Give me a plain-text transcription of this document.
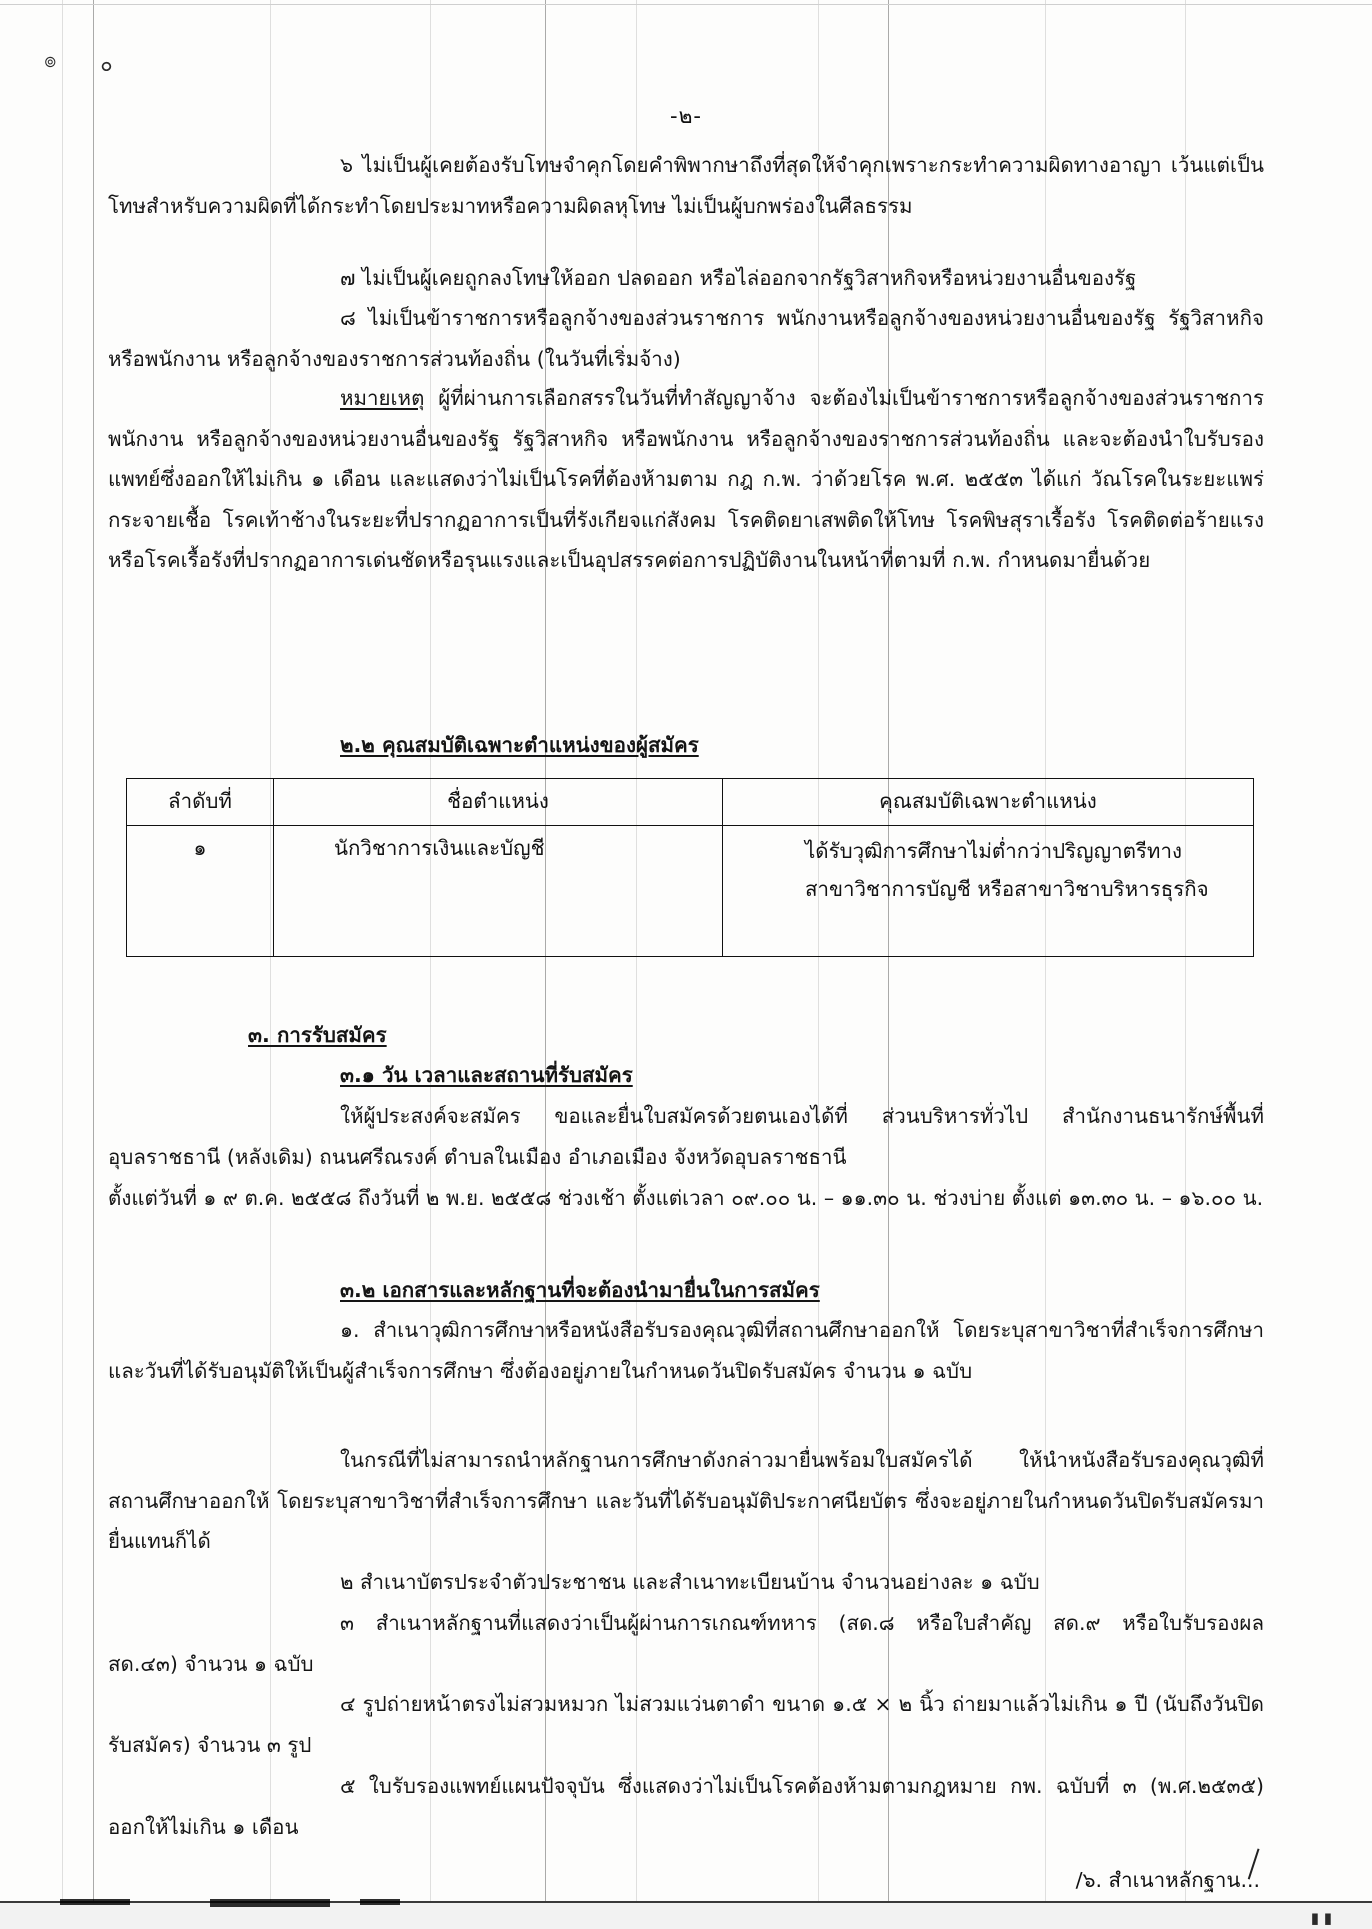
๏ ๐
-๒-

๖ ไม่เป็นผู้เคยต้องรับโทษจำคุกโดยคำพิพากษาถึงที่สุดให้จำคุกเพราะกระทำความผิดทางอาญา เว้นแต่เป็นโทษสำหรับความผิดที่ได้กระทำโดยประมาทหรือความผิดลหุโทษ ไม่เป็นผู้บกพร่องในศีลธรรม

๗ ไม่เป็นผู้เคยถูกลงโทษให้ออก ปลดออก หรือไล่ออกจากรัฐวิสาหกิจหรือหน่วยงานอื่นของรัฐ

๘ ไม่เป็นข้าราชการหรือลูกจ้างของส่วนราชการ พนักงานหรือลูกจ้างของหน่วยงานอื่นของรัฐ รัฐวิสาหกิจ หรือพนักงาน หรือลูกจ้างของราชการส่วนท้องถิ่น (ในวันที่เริ่มจ้าง)

หมายเหตุ ผู้ที่ผ่านการเลือกสรรในวันที่ทำสัญญาจ้าง จะต้องไม่เป็นข้าราชการหรือลูกจ้างของส่วนราชการ พนักงาน หรือลูกจ้างของหน่วยงานอื่นของรัฐ รัฐวิสาหกิจ หรือพนักงาน หรือลูกจ้างของราชการส่วนท้องถิ่น และจะต้องนำใบรับรองแพทย์ซึ่งออกให้ไม่เกิน ๑ เดือน และแสดงว่าไม่เป็นโรคที่ต้องห้ามตาม กฎ ก.พ. ว่าด้วยโรค พ.ศ. ๒๕๕๓ ได้แก่ วัณโรคในระยะแพร่กระจายเชื้อ โรคเท้าช้างในระยะที่ปรากฏอาการเป็นที่รังเกียจแก่สังคม โรคติดยาเสพติดให้โทษ โรคพิษสุราเรื้อรัง โรคติดต่อร้ายแรงหรือโรคเรื้อรังที่ปรากฏอาการเด่นชัดหรือรุนแรงและเป็นอุปสรรคต่อการปฏิบัติงานในหน้าที่ตามที่ ก.พ. กำหนดมายื่นด้วย

๒.๒ คุณสมบัติเฉพาะตำแหน่งของผู้สมัคร

ลำดับที่	ชื่อตำแหน่ง	คุณสมบัติเฉพาะตำแหน่ง
๑	นักวิชาการเงินและบัญชี	ได้รับวุฒิการศึกษาไม่ต่ำกว่าปริญญาตรีทาง
สาขาวิชาการบัญชี หรือสาขาวิชาบริหารธุรกิจ

๓. การรับสมัคร

๓.๑ วัน เวลาและสถานที่รับสมัคร

ให้ผู้ประสงค์จะสมัคร ขอและยื่นใบสมัครด้วยตนเองได้ที่ ส่วนบริหารทั่วไป สำนักงานธนารักษ์พื้นที่อุบลราชธานี (หลังเดิม) ถนนศรีณรงค์ ตำบลในเมือง อำเภอเมือง จังหวัดอุบลราชธานี

ตั้งแต่วันที่ ๑ ๙ ต.ค. ๒๕๕๘ ถึงวันที่ ๒ พ.ย. ๒๕๕๘ ช่วงเช้า ตั้งแต่เวลา ๐๙.๐๐ น. – ๑๑.๓๐ น. ช่วงบ่าย ตั้งแต่ ๑๓.๓๐ น. – ๑๖.๐๐ น.

๓.๒ เอกสารและหลักฐานที่จะต้องนำมายื่นในการสมัคร

๑. สำเนาวุฒิการศึกษาหรือหนังสือรับรองคุณวุฒิที่สถานศึกษาออกให้ โดยระบุสาขาวิชาที่สำเร็จการศึกษาและวันที่ได้รับอนุมัติให้เป็นผู้สำเร็จการศึกษา ซึ่งต้องอยู่ภายในกำหนดวันปิดรับสมัคร จำนวน ๑ ฉบับ

ในกรณีที่ไม่สามารถนำหลักฐานการศึกษาดังกล่าวมายื่นพร้อมใบสมัครได้ ให้นำหนังสือรับรองคุณวุฒิที่สถานศึกษาออกให้ โดยระบุสาขาวิชาที่สำเร็จการศึกษา และวันที่ได้รับอนุมัติประกาศนียบัตร ซึ่งจะอยู่ภายในกำหนดวันปิดรับสมัครมายื่นแทนก็ได้

๒ สำเนาบัตรประจำตัวประชาชน และสำเนาทะเบียนบ้าน จำนวนอย่างละ ๑ ฉบับ

๓ สำเนาหลักฐานที่แสดงว่าเป็นผู้ผ่านการเกณฑ์ทหาร (สด.๘ หรือใบสำคัญ สด.๙ หรือใบรับรองผล สด.๔๓) จำนวน ๑ ฉบับ

๔ รูปถ่ายหน้าตรงไม่สวมหมวก ไม่สวมแว่นตาดำ ขนาด ๑.๕ × ๒ นิ้ว ถ่ายมาแล้วไม่เกิน ๑ ปี (นับถึงวันปิดรับสมัคร) จำนวน ๓ รูป

๕ ใบรับรองแพทย์แผนปัจจุบัน ซึ่งแสดงว่าไม่เป็นโรคต้องห้ามตามกฎหมาย กพ. ฉบับที่ ๓ (พ.ศ.๒๕๓๕) ออกให้ไม่เกิน ๑ เดือน

/๖. สำเนาหลักฐาน...
▮ ▮
